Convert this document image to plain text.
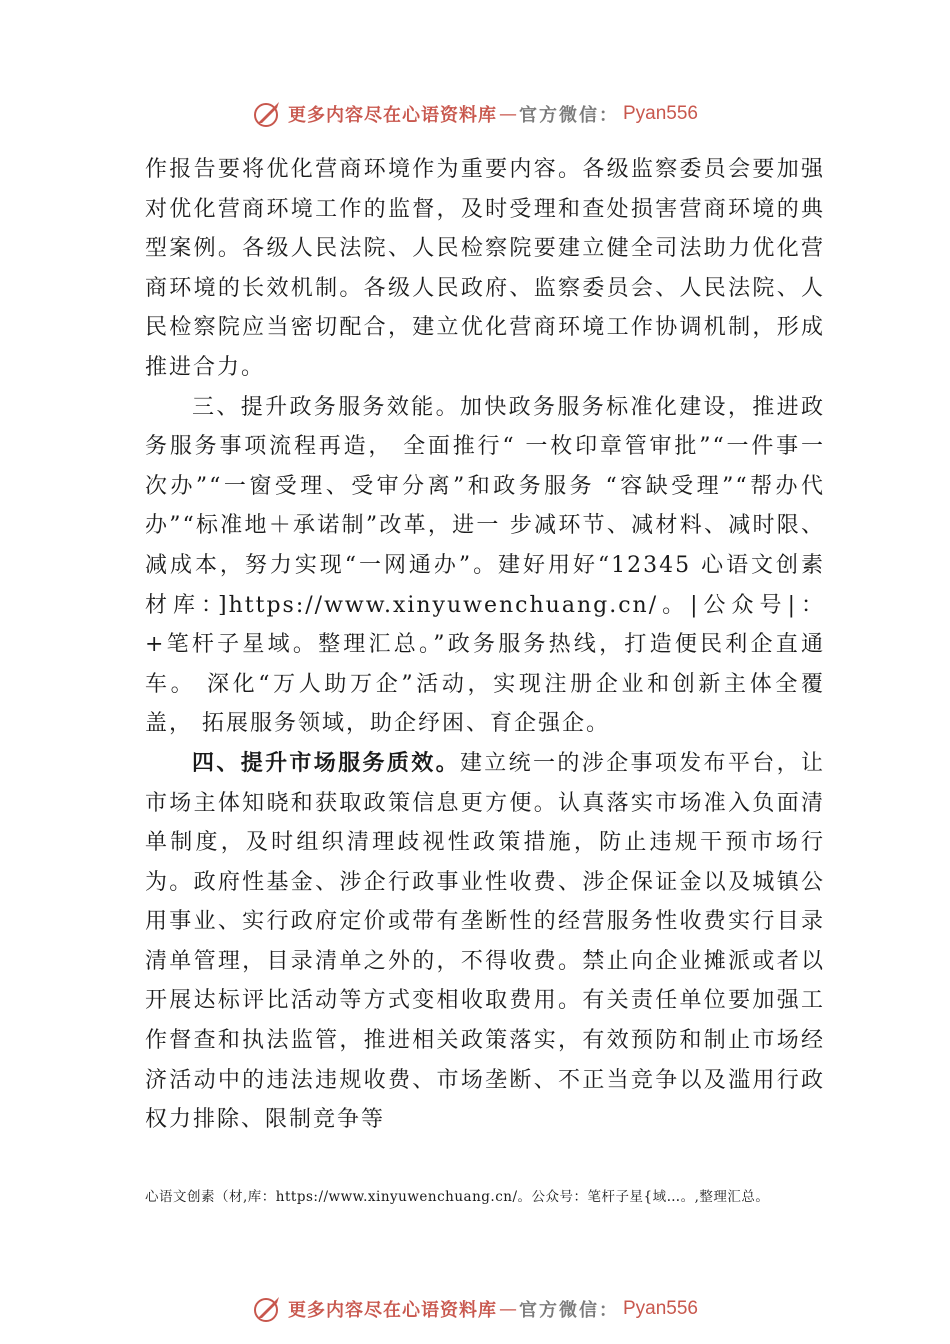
更多内容尽在心语资料库 — 官方微信： Pyan556

作报告要将优化营商环境作为重要内容。各级监察委员会要加强对优化营商环境工作的监督，及时受理和查处损害营商环境的典型案例。各级人民法院、人民检察院要建立健全司法助力优化营商环境的长效机制。各级人民政府、监察委员会、人民法院、人民检察院应当密切配合，建立优化营商环境工作协调机制，形成推进合力。

三、提升政务服务效能。加快政务服务标准化建设，推进政务服务事项流程再造， 全面推行“ 一枚印章管审批”“一件事一次办”“一窗受理、受审分离”和政务服务 “容缺受理”“帮办代办”“标准地＋承诺制”改革，进一 步减环节、减材料、减时限、减成本，努力实现“一网通办”。建好用好“12345 心语文创素材库：]https://www.xinyuwenchuang.cn/。|公众号|：+笔杆子星域。整理汇总。”政务服务热线，打造便民利企直通车。 深化“万人助万企”活动，实现注册企业和创新主体全覆盖， 拓展服务领域，助企纾困、育企强企。

四、提升市场服务质效。建立统一的涉企事项发布平台，让市场主体知晓和获取政策信息更方便。认真落实市场准入负面清单制度，及时组织清理歧视性政策措施，防止违规干预市场行为。政府性基金、涉企行政事业性收费、涉企保证金以及城镇公用事业、实行政府定价或带有垄断性的经营服务性收费实行目录清单管理，目录清单之外的，不得收费。禁止向企业摊派或者以开展达标评比活动等方式变相收取费用。有关责任单位要加强工作督查和执法监管，推进相关政策落实，有效预防和制止市场经济活动中的违法违规收费、市场垄断、不正当竞争以及滥用行政权力排除、限制竞争等

心语文创素（材,库：https://www.xinyuwenchuang.cn/。公众号：笔杆子星{域…。,整理汇总。
更多内容尽在心语资料库 — 官方微信： Pyan556
